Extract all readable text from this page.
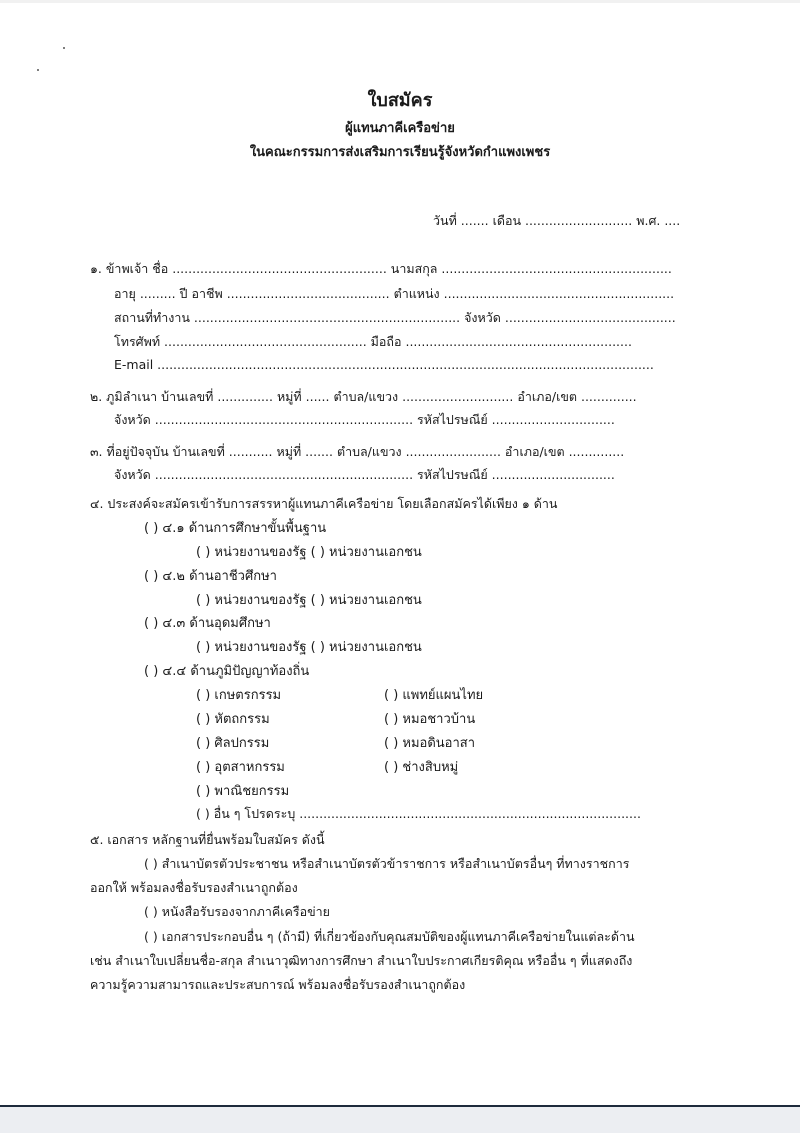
ใบสมัคร
ผู้แทนภาคีเครือข่าย
ในคณะกรรมการส่งเสริมการเรียนรู้จังหวัดกำแพงเพชร
วันที่ ....... เดือน ........................... พ.ศ. ....
๑. ข้าพเจ้า ชื่อ ...................................................... นามสกุล ..........................................................
อายุ ......... ปี อาชีพ ......................................... ตำแหน่ง ..........................................................
สถานที่ทำงาน ................................................................... จังหวัด ...........................................
โทรศัพท์ ................................................... มือถือ .........................................................
E-mail .............................................................................................................................
๒. ภูมิลำเนา บ้านเลขที่ .............. หมู่ที่ ...... ตำบล/แขวง ............................ อำเภอ/เขต ..............
จังหวัด ................................................................. รหัสไปรษณีย์ ...............................
๓. ที่อยู่ปัจจุบัน บ้านเลขที่ ........... หมู่ที่ ....... ตำบล/แขวง ........................ อำเภอ/เขต ..............
จังหวัด ................................................................. รหัสไปรษณีย์ ...............................
๔. ประสงค์จะสมัครเข้ารับการสรรหาผู้แทนภาคีเครือข่าย โดยเลือกสมัครได้เพียง ๑ ด้าน
( ) ๔.๑ ด้านการศึกษาขั้นพื้นฐาน
( ) หน่วยงานของรัฐ ( ) หน่วยงานเอกชน
( ) ๔.๒ ด้านอาชีวศึกษา
( ) หน่วยงานของรัฐ ( ) หน่วยงานเอกชน
( ) ๔.๓ ด้านอุดมศึกษา
( ) หน่วยงานของรัฐ ( ) หน่วยงานเอกชน
( ) ๔.๔ ด้านภูมิปัญญาท้องถิ่น
( ) เกษตรกรรม
( ) หัตถกรรม
( ) ศิลปกรรม
( ) อุตสาหกรรม
( ) พาณิชยกรรม
( ) อื่น ๆ โปรดระบุ ......................................................................................
( ) แพทย์แผนไทย
( ) หมอชาวบ้าน
( ) หมอดินอาสา
( ) ช่างสิบหมู่
๕. เอกสาร หลักฐานที่ยื่นพร้อมใบสมัคร ดังนี้
( ) สำเนาบัตรตัวประชาชน หรือสำเนาบัตรตัวข้าราชการ หรือสำเนาบัตรอื่นๆ ที่ทางราชการ
ออกให้ พร้อมลงชื่อรับรองสำเนาถูกต้อง
( ) หนังสือรับรองจากภาคีเครือข่าย
( ) เอกสารประกอบอื่น ๆ (ถ้ามี) ที่เกี่ยวข้องกับคุณสมบัติของผู้แทนภาคีเครือข่ายในแต่ละด้าน
เช่น สำเนาใบเปลี่ยนชื่อ-สกุล สำเนาวุฒิทางการศึกษา สำเนาใบประกาศเกียรติคุณ หรืออื่น ๆ ที่แสดงถึง
ความรู้ความสามารถและประสบการณ์ พร้อมลงชื่อรับรองสำเนาถูกต้อง
